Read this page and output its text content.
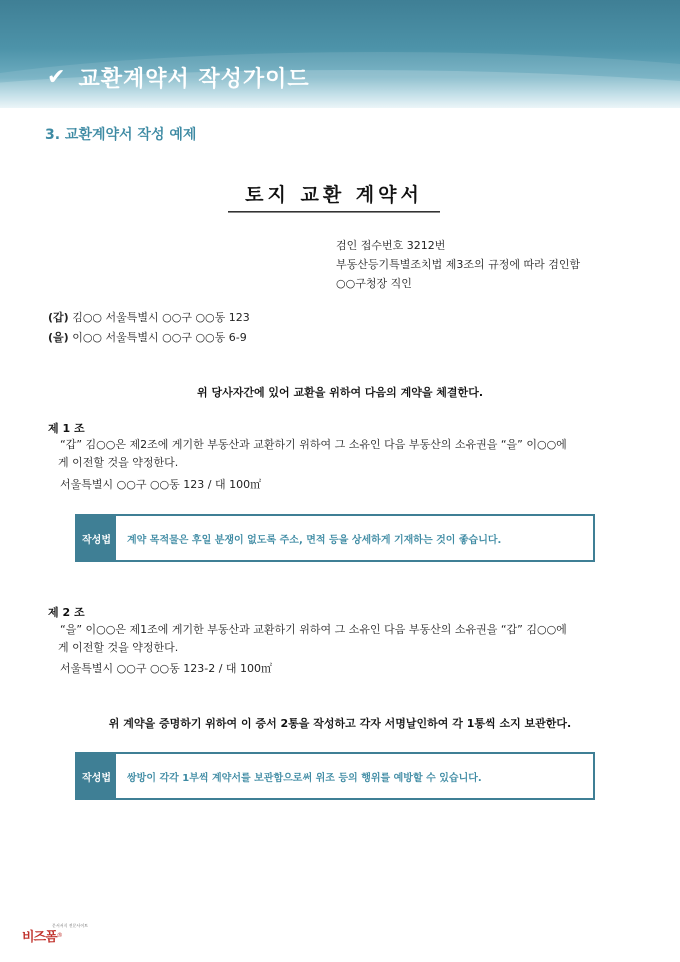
✔ 교환계약서 작성가이드
3. 교환계약서 작성 예제
토지 교환 계약서
검인 접수번호 3212번
부동산등기특별조치법 제3조의 규정에 따라 검인함
○○구청장 직인
(갑) 김○○ 서울특별시 ○○구 ○○동 123
(을) 이○○ 서울특별시 ○○구 ○○동 6-9
위 당사자간에 있어 교환을 위하여 다음의 계약을 체결한다.
제 1 조
“갑” 김○○은 제2조에 게기한 부동산과 교환하기 위하여 그 소유인 다음 부동산의 소유권을 “을” 이○○에
게 이전할 것을 약정한다.
서울특별시 ○○구 ○○동 123 / 대 100㎡
작성법	계약 목적물은 후일 분쟁이 없도록 주소, 면적 등을 상세하게 기재하는 것이 좋습니다.
제 2 조
“을” 이○○은 제1조에 게기한 부동산과 교환하기 위하여 그 소유인 다음 부동산의 소유권을 “갑” 김○○에
게 이전할 것을 약정한다.
서울특별시 ○○구 ○○동 123-2 / 대 100㎡
위 계약을 증명하기 위하여 이 증서 2통을 작성하고 각자 서명날인하여 각 1통씩 소지 보관한다.
작성법	쌍방이 각각 1부씩 계약서를 보관함으로써 위조 등의 행위를 예방할 수 있습니다.
비즈폼 ®
문서서식 전문사이트
